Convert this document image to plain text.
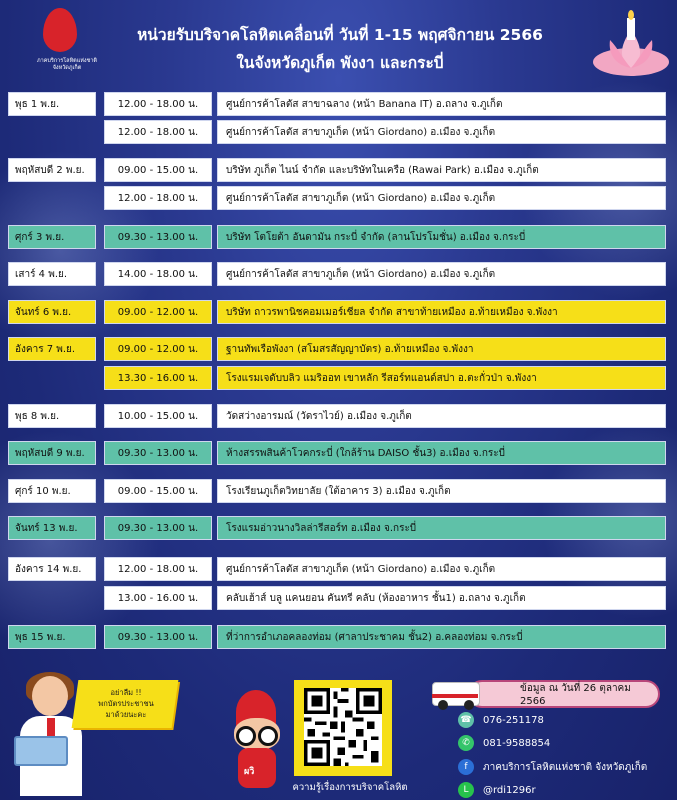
ภาคบริการโลหิตแห่งชาติ
จังหวัดภูเก็ต
หน่วยรับบริจาคโลหิตเคลื่อนที่ วันที่ 1-15 พฤศจิกายน 2566
ในจังหวัดภูเก็ต พังงา และกระบี่
พุธ 1 พ.ย.	12.00 - 18.00 น.	ศูนย์การค้าโลตัส สาขาฉลาง (หน้า Banana IT) อ.ถลาง จ.ภูเก็ต
12.00 - 18.00 น.	ศูนย์การค้าโลตัส สาขาภูเก็ต (หน้า Giordano) อ.เมือง จ.ภูเก็ต
พฤหัสบดี 2 พ.ย.	09.00 - 15.00 น.	บริษัท ภูเก็ต ไนน์ จำกัด และบริษัทในเครือ (Rawai Park) อ.เมือง จ.ภูเก็ต
12.00 - 18.00 น.	ศูนย์การค้าโลตัส สาขาภูเก็ต (หน้า Giordano) อ.เมือง จ.ภูเก็ต
ศุกร์ 3 พ.ย.	09.30 - 13.00 น.	บริษัท โตโยต้า อันดามัน กระบี่ จำกัด (ลานโปรโมชั่น) อ.เมือง จ.กระบี่
เสาร์ 4 พ.ย.	14.00 - 18.00 น.	ศูนย์การค้าโลตัส สาขาภูเก็ต (หน้า Giordano) อ.เมือง จ.ภูเก็ต
จันทร์ 6 พ.ย.	09.00 - 12.00 น.	บริษัท ถาวรพานิชคอมเมอร์เชียล จำกัด สาขาท้ายเหมือง อ.ท้ายเหมือง จ.พังงา
อังคาร 7 พ.ย.	09.00 - 12.00 น.	ฐานทัพเรือพังงา (สโมสรสัญญาบัตร) อ.ท้ายเหมือง จ.พังงา
13.30 - 16.00 น.	โรงแรมเจดับบลิว แมริออท เขาหลัก รีสอร์ทแอนด์สปา อ.ตะกั่วป่า จ.พังงา
พุธ 8 พ.ย.	10.00 - 15.00 น.	วัดสว่างอารมณ์ (วัดราไวย์) อ.เมือง จ.ภูเก็ต
พฤหัสบดี 9 พ.ย.	09.30 - 13.00 น.	ห้างสรรพสินค้าโวคกระบี่ (ใกล้ร้าน DAISO ชั้น3) อ.เมือง จ.กระบี่
ศุกร์ 10 พ.ย.	09.00 - 15.00 น.	โรงเรียนภูเก็ตวิทยาลัย (ใต้อาคาร 3) อ.เมือง จ.ภูเก็ต
จันทร์ 13 พ.ย.	09.30 - 13.00 น.	โรงแรมอ่าวนางวิลล่ารีสอร์ท อ.เมือง จ.กระบี่
อังคาร 14 พ.ย.	12.00 - 18.00 น.	ศูนย์การค้าโลตัส สาขาภูเก็ต (หน้า Giordano) อ.เมือง จ.ภูเก็ต
13.00 - 16.00 น.	คลับเฮ้าส์ บลู แคนยอน คันทรี คลับ (ห้องอาหาร ชั้น1) อ.ถลาง จ.ภูเก็ต
พุธ 15 พ.ย.	09.30 - 13.00 น.	ที่ว่าการอำเภอคลองท่อม (ศาลาประชาคม ชั้น2) อ.คลองท่อม จ.กระบี่
อย่าลืม !!
พกบัตรประชาชน
มาด้วยนะคะ
ผวิ
ความรู้เรื่องการบริจาคโลหิต
ข้อมูล ณ วันที่ 26 ตุลาคม 2566
☎ 076-251178
✆	081-9588854
f	ภาคบริการโลหิตแห่งชาติ จังหวัดภูเก็ต
L	@rdi1296r
